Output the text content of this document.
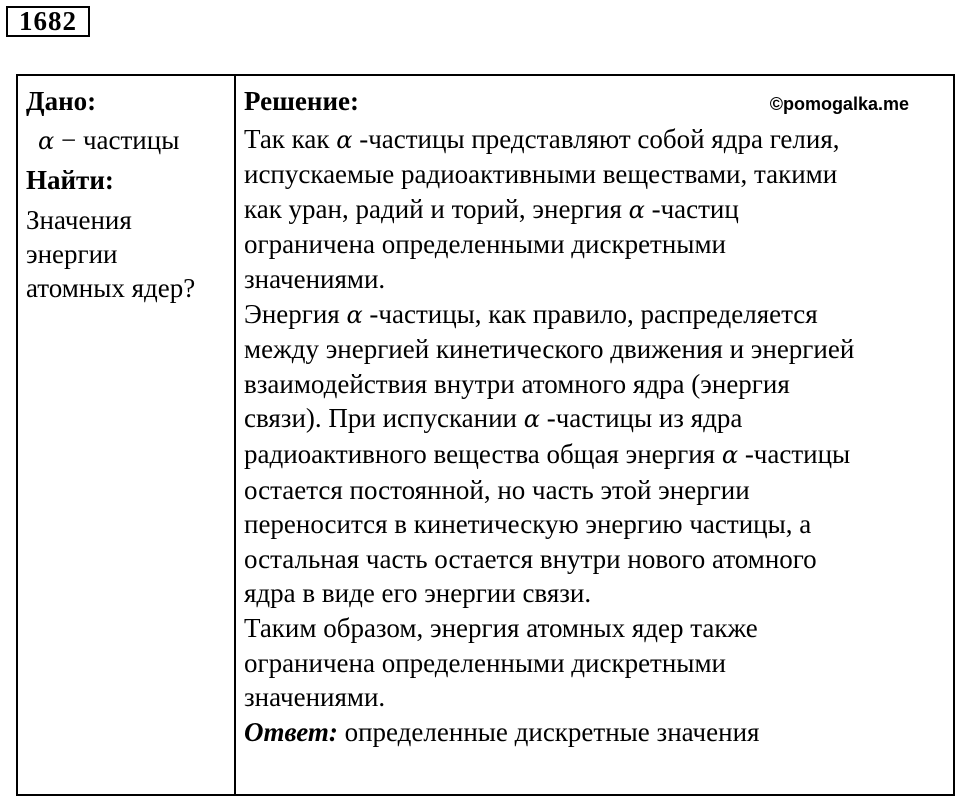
1682
Дано:
α − частицы
Найти:
Значения
энергии
атомных ядер?
©pomogalka.me
Решение:
Так как α -частицы представляют собой ядра гелия,
испускаемые радиоактивными веществами, такими
как уран, радий и торий, энергия α -частиц
ограничена определенными дискретными
значениями.
Энергия α -частицы, как правило, распределяется
между энергией кинетического движения и энергией
взаимодействия внутри атомного ядра (энергия
связи). При испускании α -частицы из ядра
радиоактивного вещества общая энергия α -частицы
остается постоянной, но часть этой энергии
переносится в кинетическую энергию частицы, а
остальная часть остается внутри нового атомного
ядра в виде его энергии связи.
Таким образом, энергия атомных ядер также
ограничена определенными дискретными
значениями.
Ответ: определенные дискретные значения
